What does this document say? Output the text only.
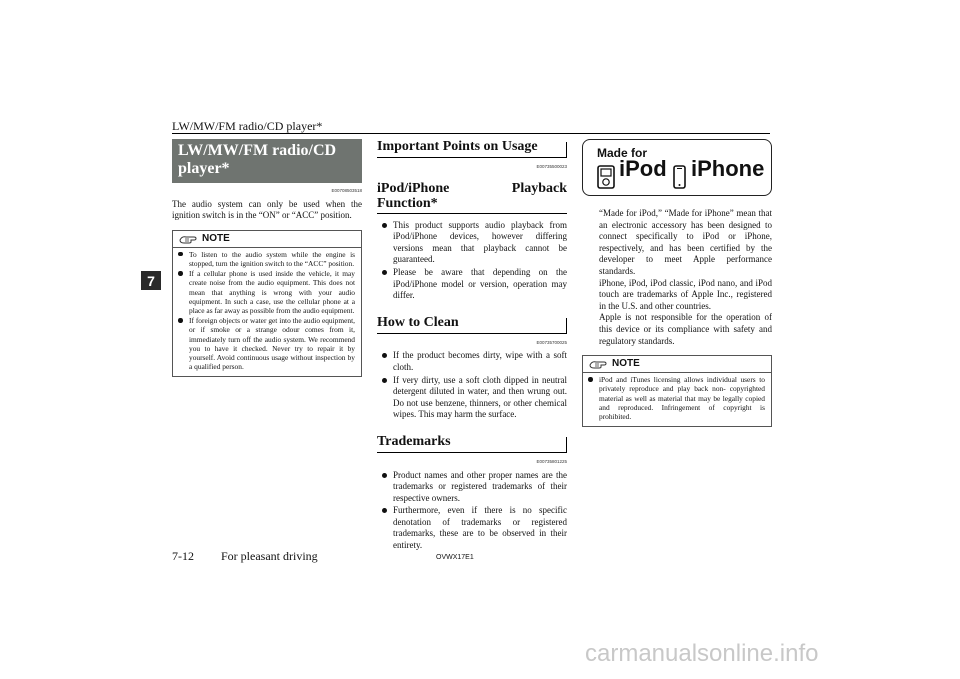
LW/MW/FM radio/CD player*
7
LW/MW/FM radio/CD player*
E00708503518

The audio system can only be used when the ignition switch is in the “ON” or “ACC” position.

NOTE
To listen to the audio system while the engine is stopped, turn the ignition switch to the “ACC” position.
If a cellular phone is used inside the vehicle, it may create noise from the audio equipment. This does not mean that anything is wrong with your audio equipment. In such a case, use the cellular phone at a place as far away as possible from the audio equipment.
If foreign objects or water get into the audio equipment, or if smoke or a strange odour comes from it, immediately turn off the audio system. We recommend you to have it checked. Never try to repair it by yourself. Avoid continuous usage without inspection by a qualified person.
Important Points on Usage
E00735500023
iPod/iPhone Playback Function*
This product supports audio playback from iPod/iPhone devices, however differing versions mean that playback cannot be guaranteed.
Please be aware that depending on the iPod/iPhone model or version, operation may differ.
How to Clean
E00735700025
If the product becomes dirty, wipe with a soft cloth.
If very dirty, use a soft cloth dipped in neutral detergent diluted in water, and then wrung out. Do not use benzene, thinners, or other chemical wipes. This may harm the surface.
Trademarks
E00735801225
Product names and other proper names are the trademarks or registered trademarks of their respective owners.
Furthermore, even if there is no specific denotation of trademarks or registered trademarks, these are to be observed in their entirety.
Made for
iPod iPhone

“Made for iPod,” “Made for iPhone” mean that an electronic accessory has been designed to connect specifically to iPod or iPhone, respectively, and has been certified by the developer to meet Apple performance standards.

iPhone, iPod, iPod classic, iPod nano, and iPod touch are trademarks of Apple Inc., registered in the U.S. and other countries.

Apple is not responsible for the operation of this device or its compliance with safety and regulatory standards.

NOTE
iPod and iTunes licensing allows individual users to privately reproduce and play back non- copyrighted material as well as material that may be legally copied and reproduced. Infringement of copyright is prohibited.
7-12 For pleasant driving	OVWX17E1
carmanualsonline.info
